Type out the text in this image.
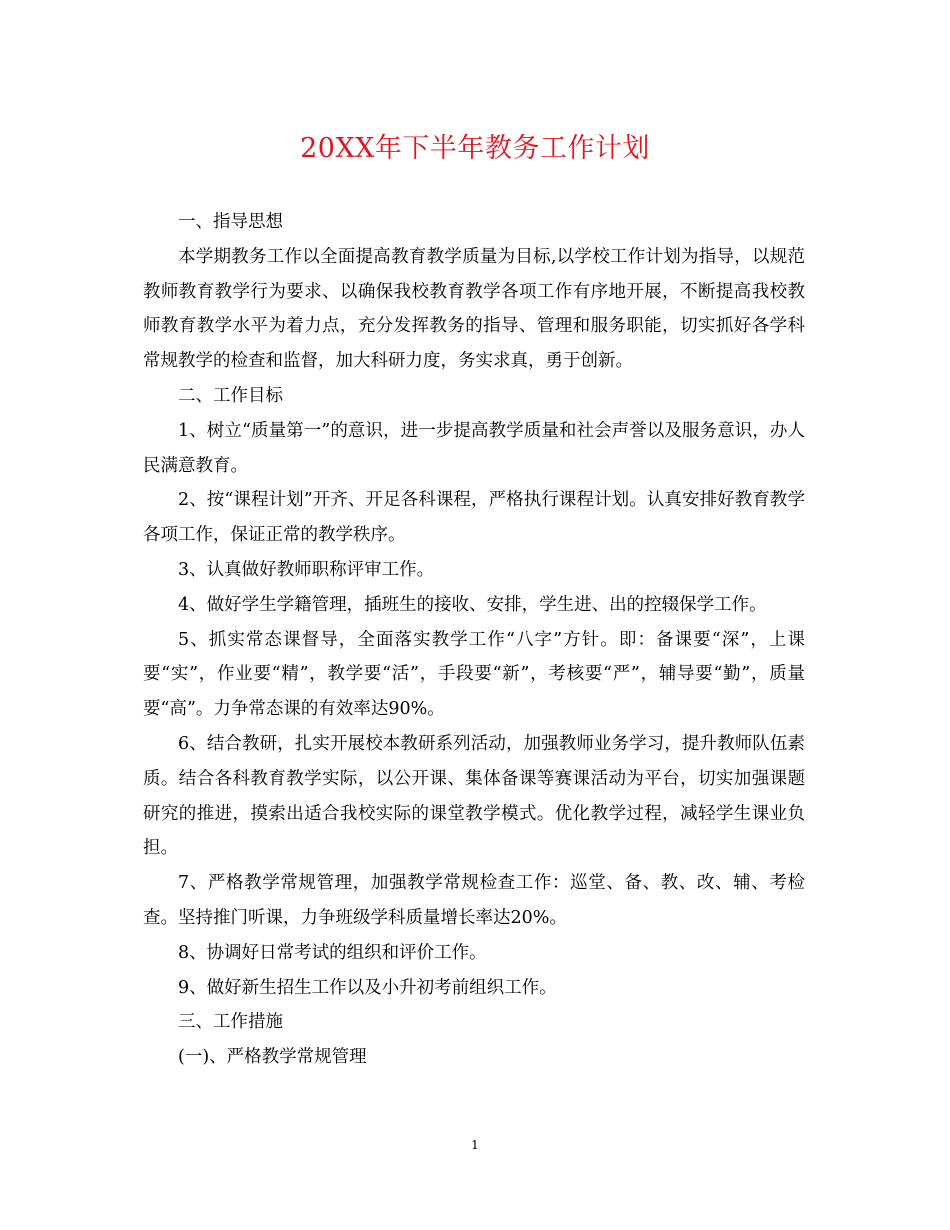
20XX年下半年教务工作计划

一、指导思想

本学期教务工作以全面提高教育教学质量为目标,以学校工作计划为指导，以规范教师教育教学行为要求、以确保我校教育教学各项工作有序地开展，不断提高我校教师教育教学水平为着力点，充分发挥教务的指导、管理和服务职能，切实抓好各学科常规教学的检查和监督，加大科研力度，务实求真，勇于创新。

二、工作目标

1、树立“质量第一”的意识，进一步提高教学质量和社会声誉以及服务意识，办人民满意教育。

2、按“课程计划”开齐、开足各科课程，严格执行课程计划。认真安排好教育教学各项工作，保证正常的教学秩序。

3、认真做好教师职称评审工作。

4、做好学生学籍管理，插班生的接收、安排，学生进、出的控辍保学工作。

5、抓实常态课督导，全面落实教学工作“八字”方针。即：备课要“深”，上课要“实”，作业要“精”，教学要“活”，手段要“新”，考核要“严”，辅导要“勤”，质量要“高”。力争常态课的有效率达90%。

6、结合教研，扎实开展校本教研系列活动，加强教师业务学习，提升教师队伍素质。结合各科教育教学实际，以公开课、集体备课等赛课活动为平台，切实加强课题研究的推进，摸索出适合我校实际的课堂教学模式。优化教学过程，减轻学生课业负担。

7、严格教学常规管理，加强教学常规检查工作：巡堂、备、教、改、辅、考检查。坚持推门听课，力争班级学科质量增长率达20%。

8、协调好日常考试的组织和评价工作。

9、做好新生招生工作以及小升初考前组织工作。

三、工作措施

(一)、严格教学常规管理

1
